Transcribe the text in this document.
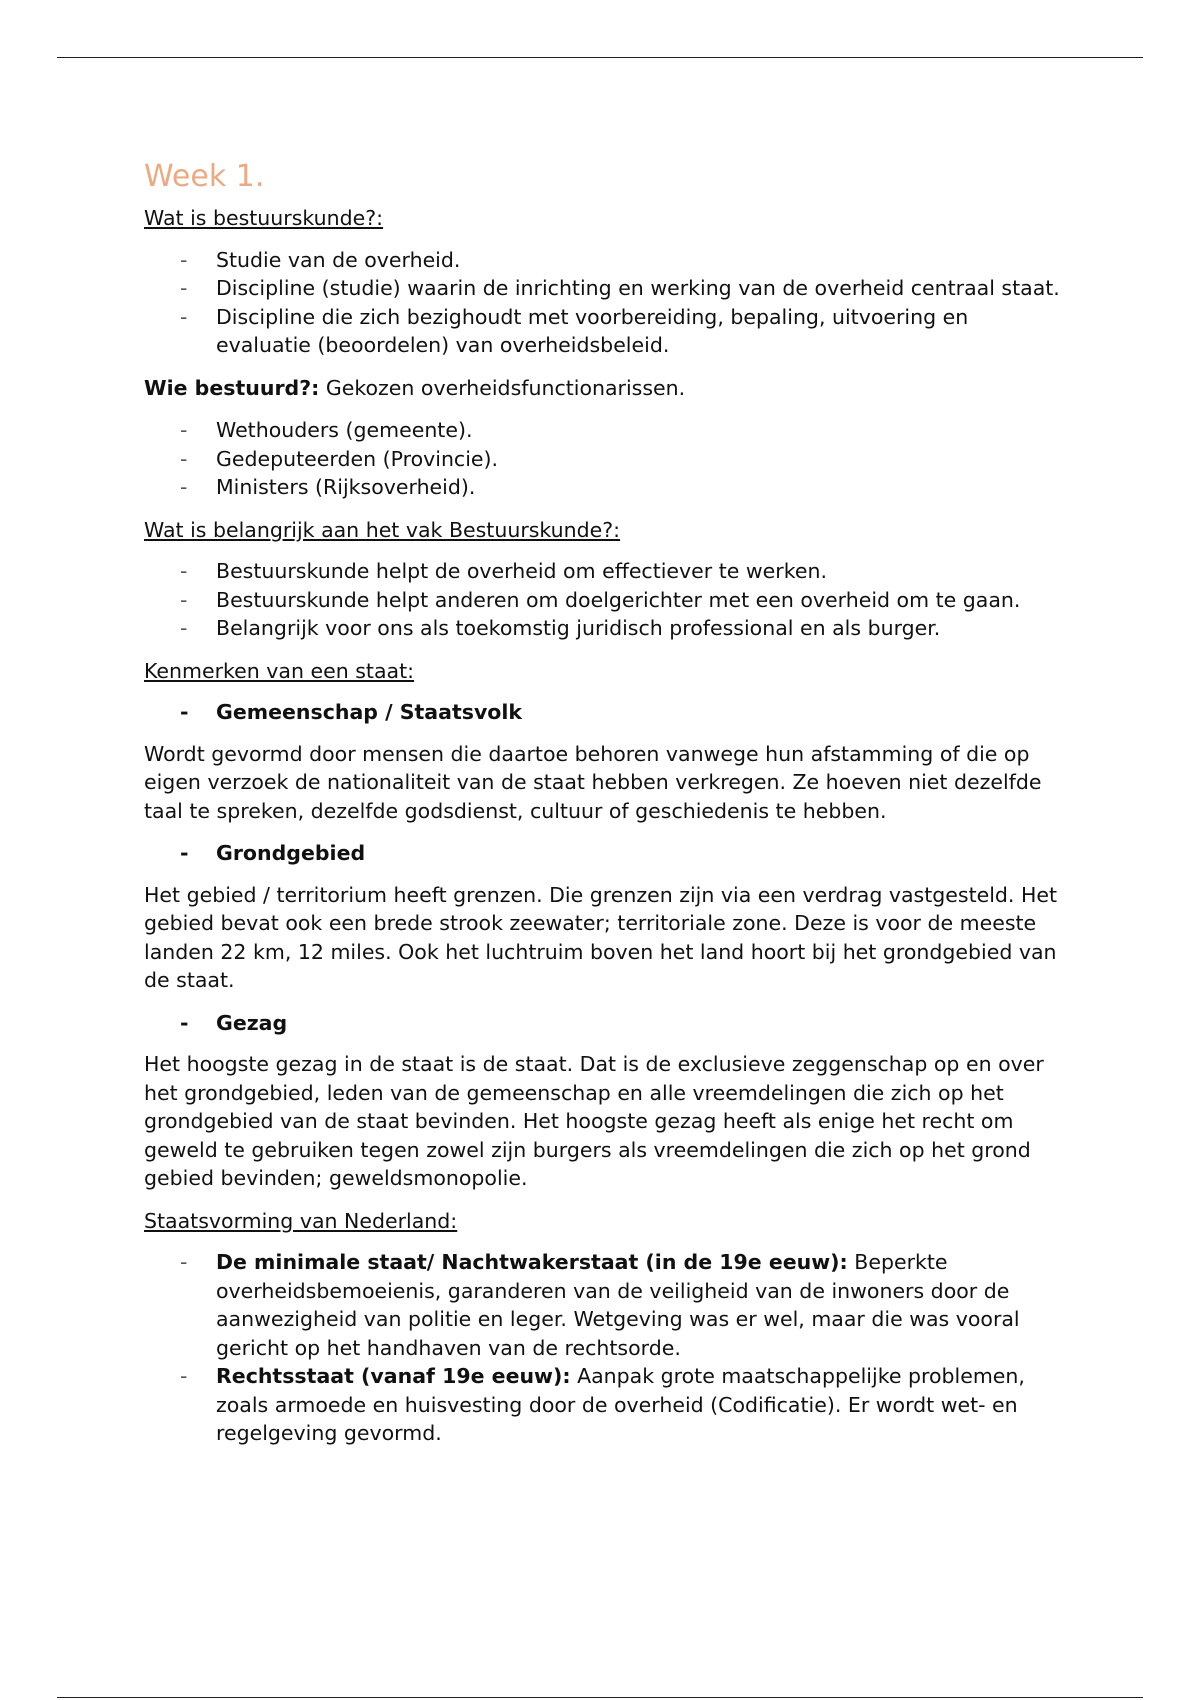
Week 1.

Wat is bestuurskunde?:

- Studie van de overheid.
- Discipline (studie) waarin de inrichting en werking van de overheid centraal staat.
- Discipline die zich bezighoudt met voorbereiding, bepaling, uitvoering en evaluatie (beoordelen) van overheidsbeleid.

Wie bestuurd?: Gekozen overheidsfunctionarissen.

- Wethouders (gemeente).
- Gedeputeerden (Provincie).
- Ministers (Rijksoverheid).

Wat is belangrijk aan het vak Bestuurskunde?:

- Bestuurskunde helpt de overheid om effectiever te werken.
- Bestuurskunde helpt anderen om doelgerichter met een overheid om te gaan.
- Belangrijk voor ons als toekomstig juridisch professional en als burger.

Kenmerken van een staat:

- Gemeenschap / Staatsvolk

Wordt gevormd door mensen die daartoe behoren vanwege hun afstamming of die op eigen verzoek de nationaliteit van de staat hebben verkregen. Ze hoeven niet dezelfde taal te spreken, dezelfde godsdienst, cultuur of geschiedenis te hebben.

- Grondgebied

Het gebied / territorium heeft grenzen. Die grenzen zijn via een verdrag vastgesteld. Het gebied bevat ook een brede strook zeewater; territoriale zone. Deze is voor de meeste landen 22 km, 12 miles. Ook het luchtruim boven het land hoort bij het grondgebied van de staat.

- Gezag

Het hoogste gezag in de staat is de staat. Dat is de exclusieve zeggenschap op en over het grondgebied, leden van de gemeenschap en alle vreemdelingen die zich op het grondgebied van de staat bevinden. Het hoogste gezag heeft als enige het recht om geweld te gebruiken tegen zowel zijn burgers als vreemdelingen die zich op het grond gebied bevinden; geweldsmonopolie.

Staatsvorming van Nederland:

- De minimale staat/ Nachtwakerstaat (in de 19e eeuw): Beperkte overheidsbemoeienis, garanderen van de veiligheid van de inwoners door de aanwezigheid van politie en leger. Wetgeving was er wel, maar die was vooral gericht op het handhaven van de rechtsorde.
- Rechtsstaat (vanaf 19e eeuw): Aanpak grote maatschappelijke problemen, zoals armoede en huisvesting door de overheid (Codificatie). Er wordt wet- en regelgeving gevormd.
